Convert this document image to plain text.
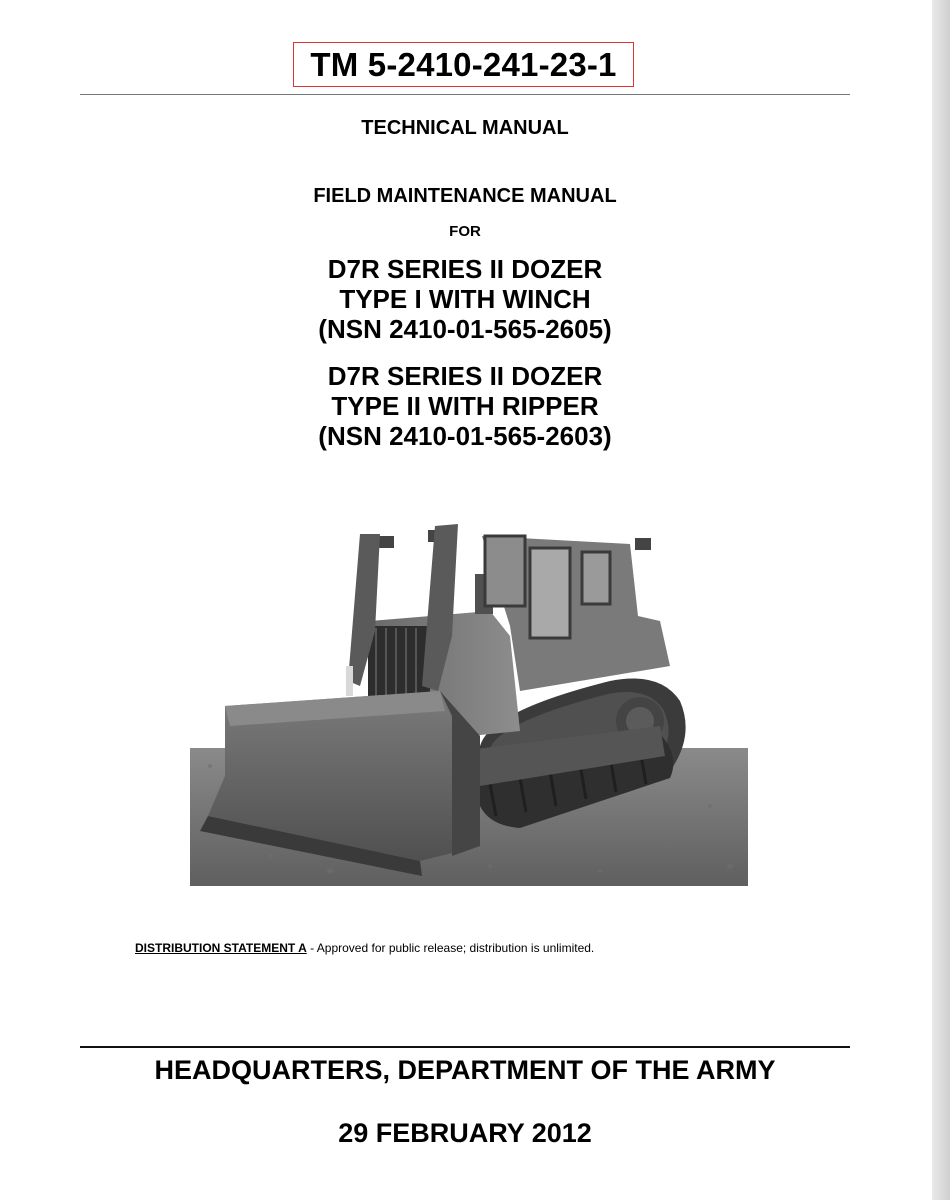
TM 5-2410-241-23-1
TECHNICAL MANUAL
FIELD MAINTENANCE MANUAL
FOR
D7R SERIES II DOZER
TYPE I WITH WINCH
(NSN 2410-01-565-2605)
D7R SERIES II DOZER
TYPE II WITH RIPPER
(NSN 2410-01-565-2603)
DISTRIBUTION STATEMENT A - Approved for public release; distribution is unlimited.
HEADQUARTERS, DEPARTMENT OF THE ARMY
29 FEBRUARY 2012
